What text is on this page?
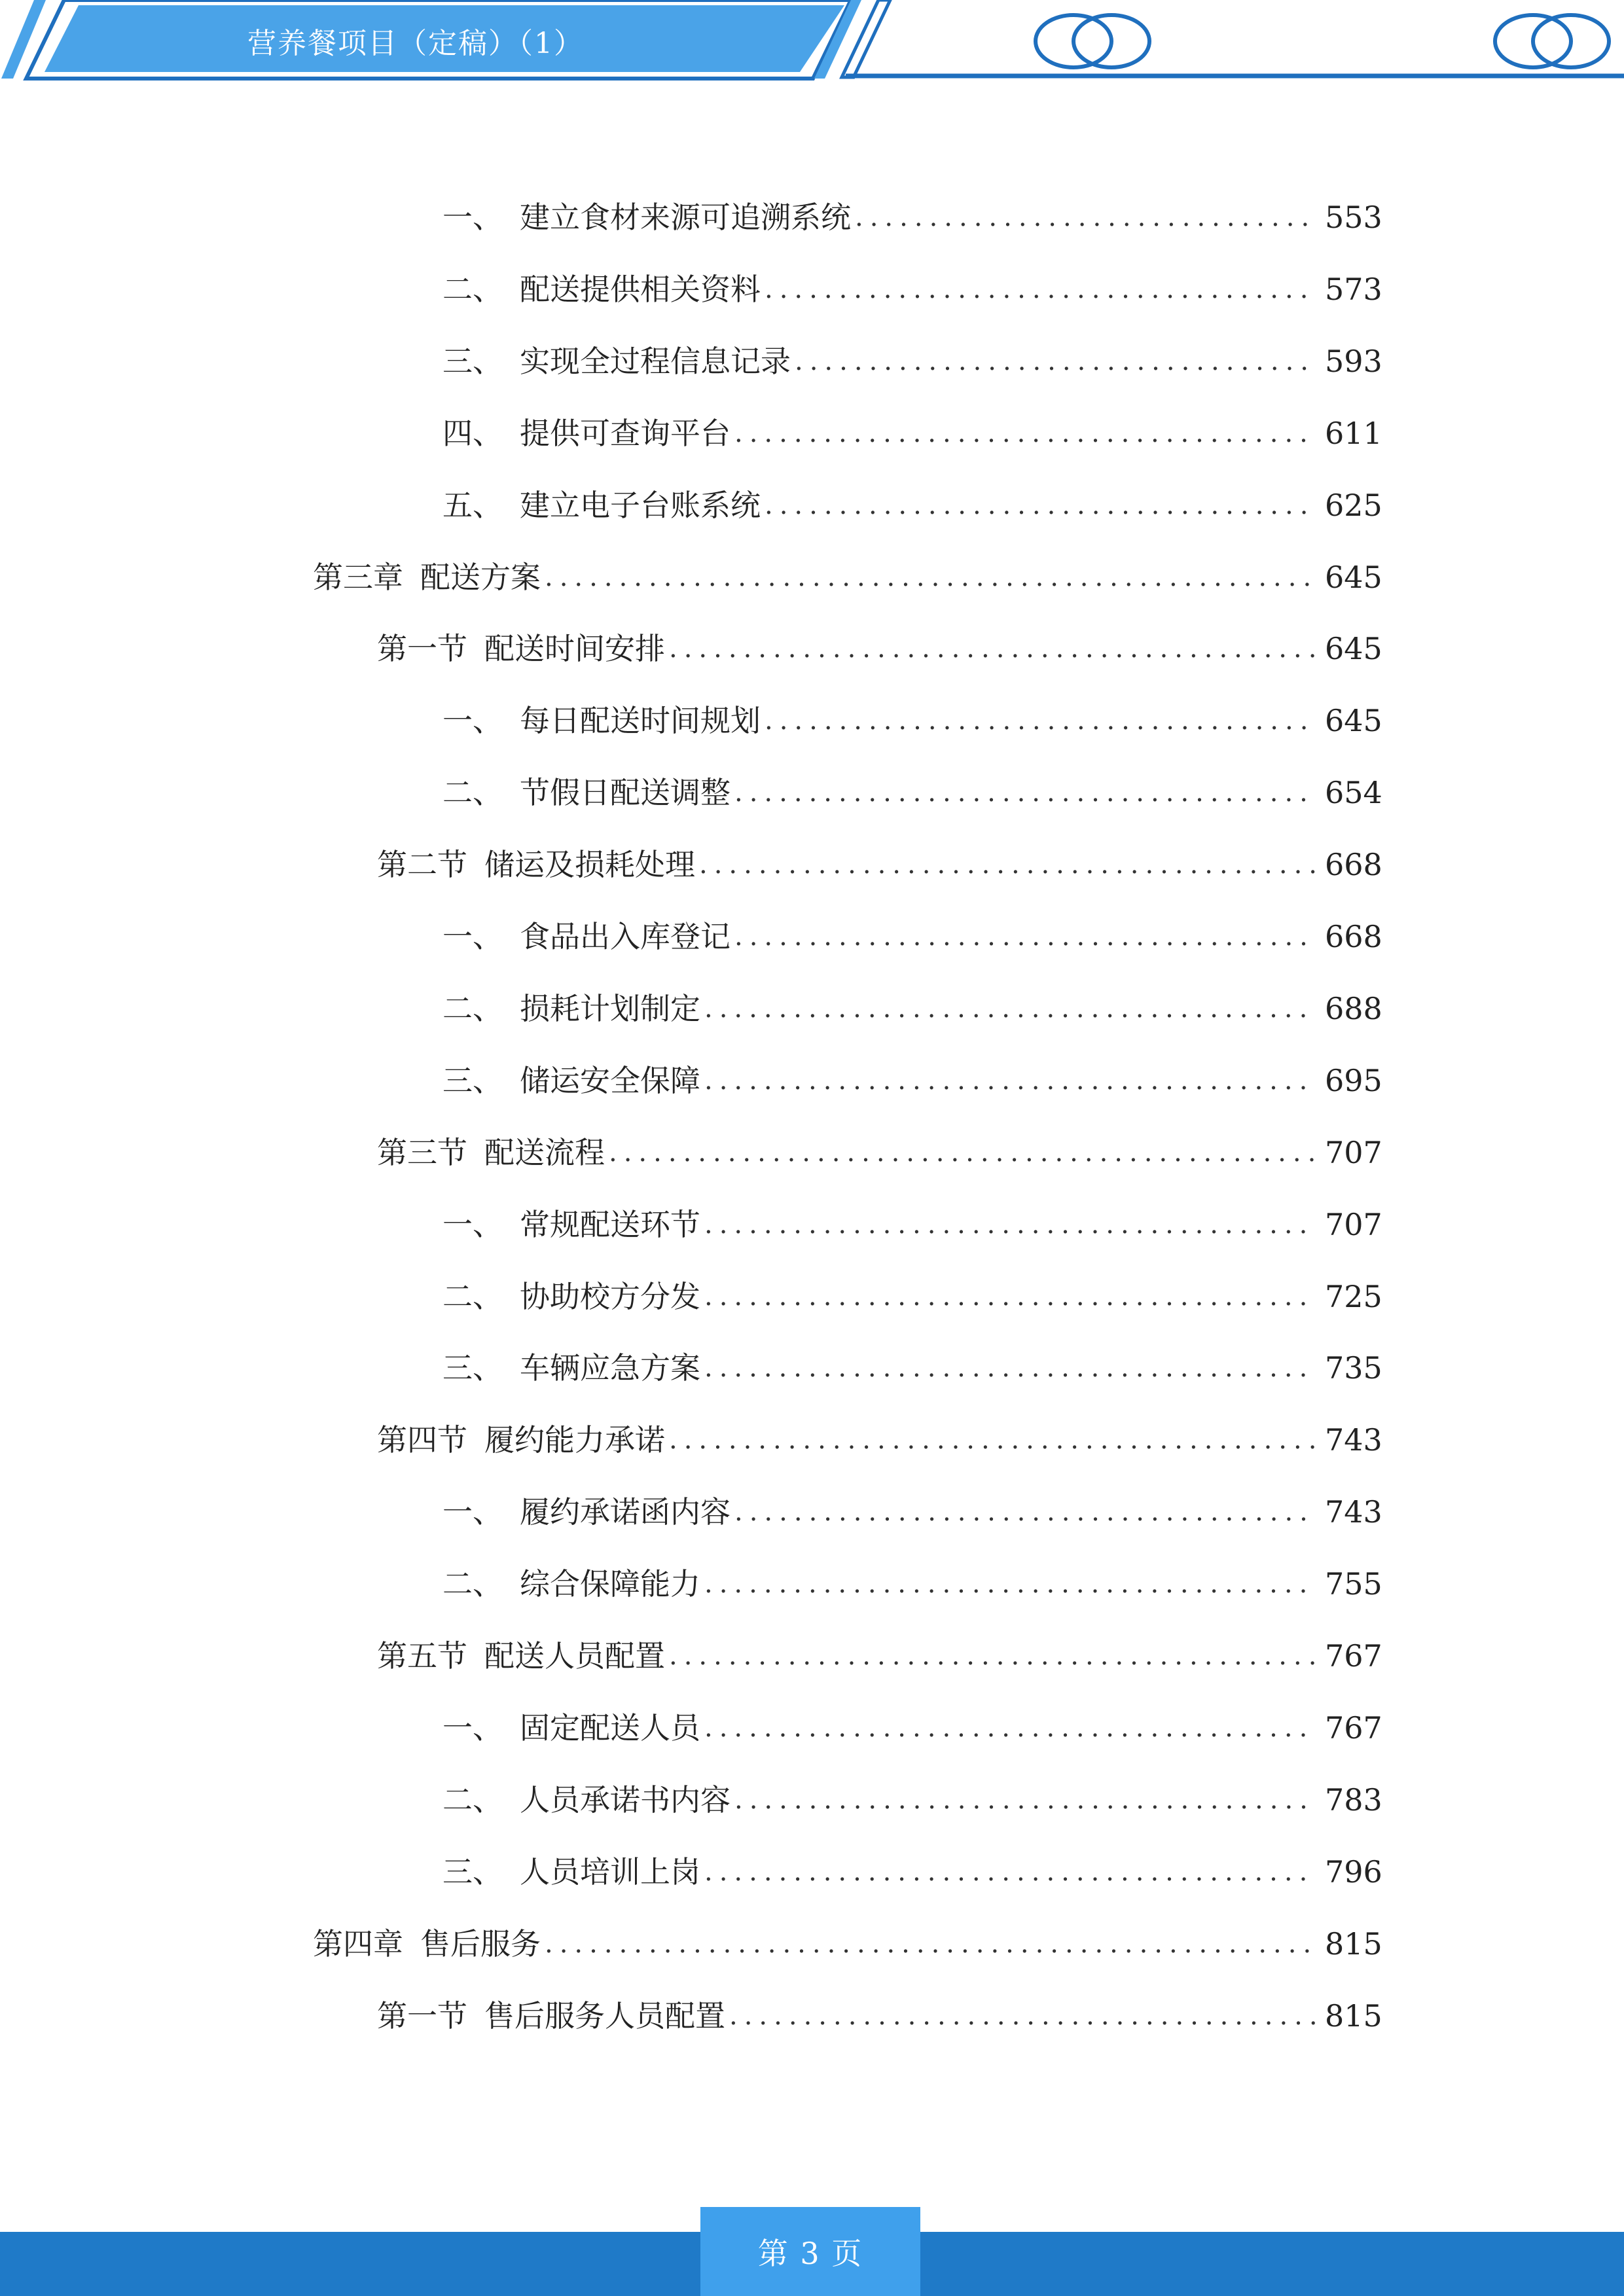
营养餐项目（定稿）（1）
一、 建立食材来源可追溯系统 .....	553
二、 配送提供相关资料 .....	573
三、 实现全过程信息记录 .....	593
四、 提供可查询平台 .....	611
五、 建立电子台账系统 .....	625
第三章 配送方案 .....	645
第一节 配送时间安排 .....	645
一、 每日配送时间规划 .....	645
二、 节假日配送调整 .....	654
第二节 储运及损耗处理 .....	668
一、 食品出入库登记 .....	668
二、 损耗计划制定 .....	688
三、 储运安全保障 .....	695
第三节 配送流程 .....	707
一、 常规配送环节 .....	707
二、 协助校方分发 .....	725
三、 车辆应急方案 .....	735
第四节 履约能力承诺 .....	743
一、 履约承诺函内容 .....	743
二、 综合保障能力 .....	755
第五节 配送人员配置 .....	767
一、 固定配送人员 .....	767
二、 人员承诺书内容 .....	783
三、 人员培训上岗 .....	796
第四章 售后服务 .....	815
第一节 售后服务人员配置 .....	815
第 3 页
